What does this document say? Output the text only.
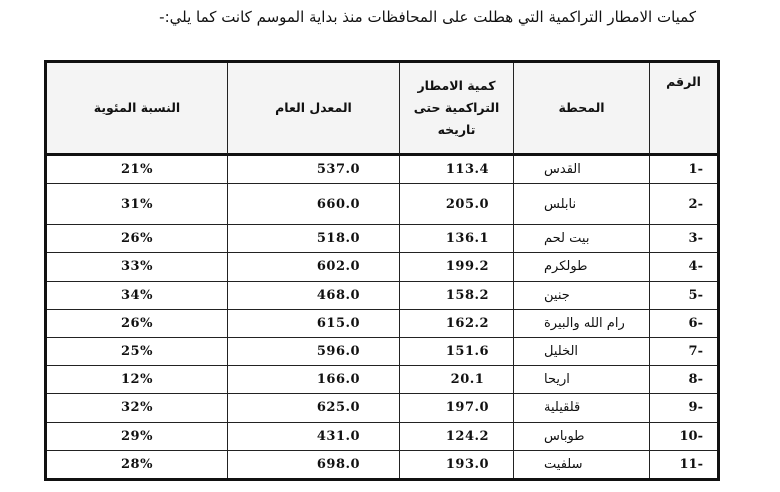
كميات الامطار التراكمية التي هطلت على المحافظات منذ بداية الموسم كانت كما يلي:-
الرقم	المحطة	كمية الامطار التراكمية حتى تاريخه	المعدل العام	النسبة المئوية
-1	القدس	113.4	537.0	21%
-2	نابلس	205.0	660.0	31%
-3	بيت لحم	136.1	518.0	26%
-4	طولكرم	199.2	602.0	33%
-5	جنين	158.2	468.0	34%
-6	رام الله والبيرة	162.2	615.0	26%
-7	الخليل	151.6	596.0	25%
-8	اريحا	20.1	166.0	12%
-9	قلقيلية	197.0	625.0	32%
-10	طوباس	124.2	431.0	29%
-11	سلفيت	193.0	698.0	28%
